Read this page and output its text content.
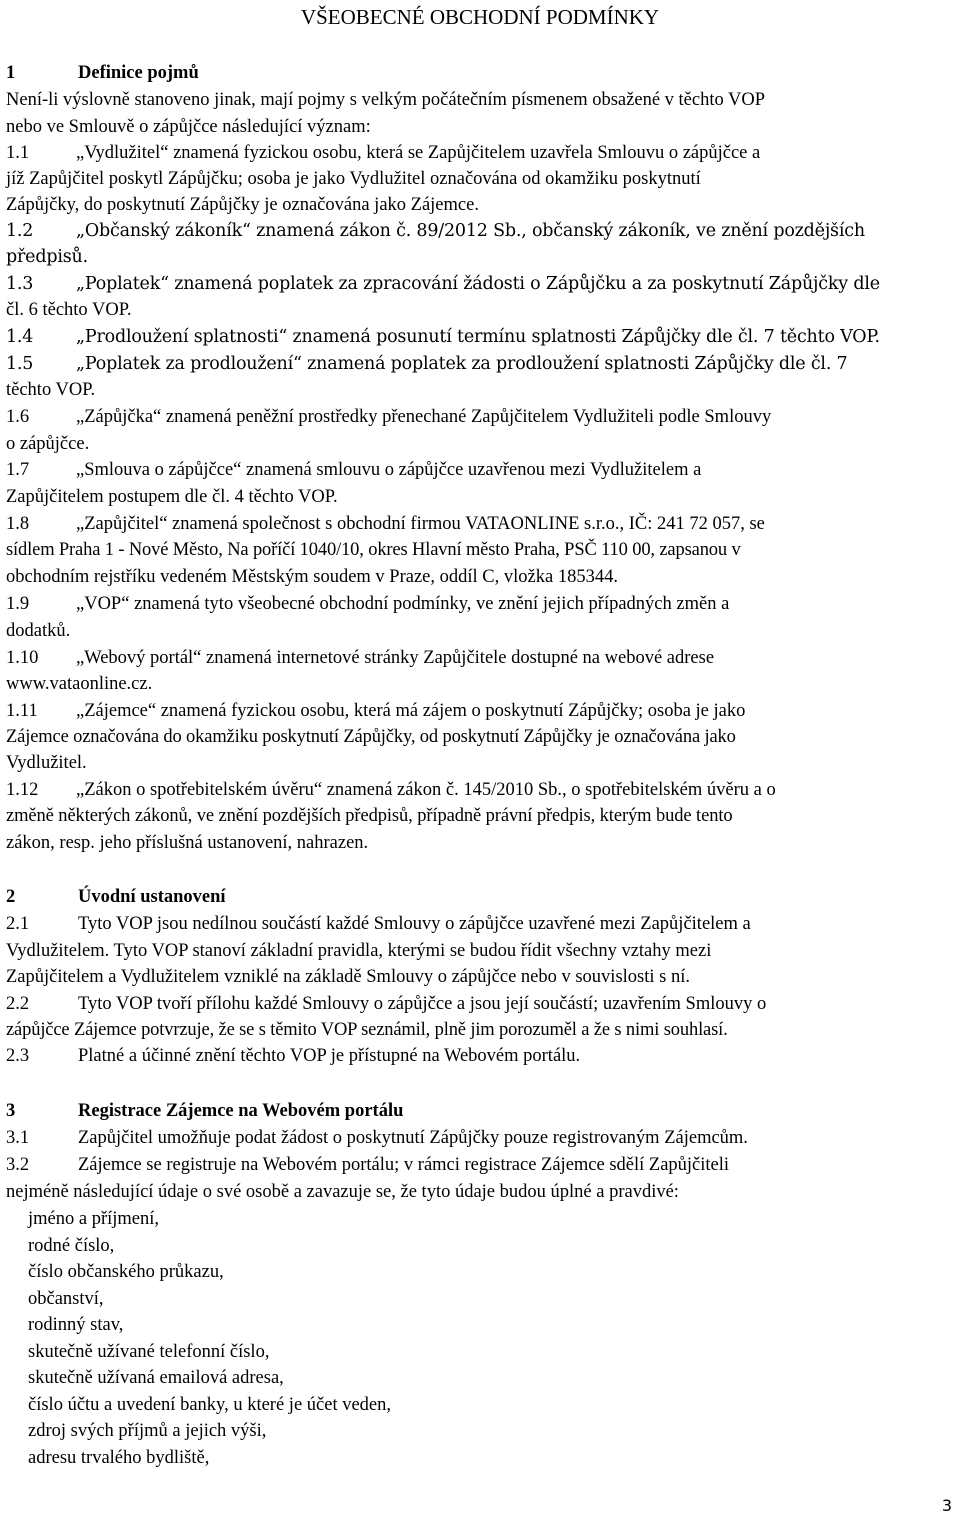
VŠEOBECNÉ OBCHODNÍ PODMÍNKY
1	Definice pojmů
Není-li výslovně stanoveno jinak, mají pojmy s velkým počátečním písmenem obsažené v těchto VOP
nebo ve Smlouvě o zápůjčce následující význam:
1.1	„Vydlužitel“ znamená fyzickou osobu, která se Zapůjčitelem uzavřela Smlouvu o zápůjčce a
jíž Zapůjčitel poskytl Zápůjčku; osoba je jako Vydlužitel označována od okamžiku poskytnutí
Zápůjčky, do poskytnutí Zápůjčky je označována jako Zájemce.
1.2 „Občanský zákoník“ znamená zákon č. 89/2012 Sb., občanský zákoník, ve znění pozdějších
předpisů.
1.3 „Poplatek“ znamená poplatek za zpracování žádosti o Zápůjčku a za poskytnutí Zápůjčky dle
čl. 6 těchto VOP.
1.4 „Prodloužení splatnosti“ znamená posunutí termínu splatnosti Zápůjčky dle čl. 7 těchto VOP.
1.5 „Poplatek za prodloužení“ znamená poplatek za prodloužení splatnosti Zápůjčky dle čl. 7
těchto VOP.
1.6	„Zápůjčka“ znamená peněžní prostředky přenechané Zapůjčitelem Vydlužiteli podle Smlouvy
o zápůjčce.
1.7	„Smlouva o zápůjčce“ znamená smlouvu o zápůjčce uzavřenou mezi Vydlužitelem a
Zapůjčitelem postupem dle čl. 4 těchto VOP.
1.8	„Zapůjčitel“ znamená společnost s obchodní firmou VATAONLINE s.r.o., IČ: 241 72 057, se
sídlem Praha 1 - Nové Město, Na poříčí 1040/10, okres Hlavní město Praha, PSČ 110 00, zapsanou v
obchodním rejstříku vedeném Městským soudem v Praze, oddíl C, vložka 185344.
1.9	„VOP“ znamená tyto všeobecné obchodní podmínky, ve znění jejich případných změn a
dodatků.
1.10 „Webový portál“ znamená internetové stránky Zapůjčitele dostupné na webové adrese
www.vataonline.cz.
1.11 „Zájemce“ znamená fyzickou osobu, která má zájem o poskytnutí Zápůjčky; osoba je jako
Zájemce označována do okamžiku poskytnutí Zápůjčky, od poskytnutí Zápůjčky je označována jako
Vydlužitel.
1.12 „Zákon o spotřebitelském úvěru“ znamená zákon č. 145/2010 Sb., o spotřebitelském úvěru a o
změně některých zákonů, ve znění pozdějších předpisů, případně právní předpis, kterým bude tento
zákon, resp. jeho příslušná ustanovení, nahrazen.
2	Úvodní ustanovení
2.1	Tyto VOP jsou nedílnou součástí každé Smlouvy o zápůjčce uzavřené mezi Zapůjčitelem a
Vydlužitelem. Tyto VOP stanoví základní pravidla, kterými se budou řídit všechny vztahy mezi
Zapůjčitelem a Vydlužitelem vzniklé na základě Smlouvy o zápůjčce nebo v souvislosti s ní.
2.2	Tyto VOP tvoří přílohu každé Smlouvy o zápůjčce a jsou její součástí; uzavřením Smlouvy o
zápůjčce Zájemce potvrzuje, že se s těmito VOP seznámil, plně jim porozuměl a že s nimi souhlasí.
2.3	Platné a účinné znění těchto VOP je přístupné na Webovém portálu.
3	Registrace Zájemce na Webovém portálu
3.1	Zapůjčitel umožňuje podat žádost o poskytnutí Zápůjčky pouze registrovaným Zájemcům.
3.2	Zájemce se registruje na Webovém portálu; v rámci registrace Zájemce sdělí Zapůjčiteli
nejméně následující údaje o své osobě a zavazuje se, že tyto údaje budou úplné a pravdivé:
jméno a příjmení,
rodné číslo,
číslo občanského průkazu,
občanství,
rodinný stav,
skutečně užívané telefonní číslo,
skutečně užívaná emailová adresa,
číslo účtu a uvedení banky, u které je účet veden,
zdroj svých příjmů a jejich výši,
adresu trvalého bydliště,
3
